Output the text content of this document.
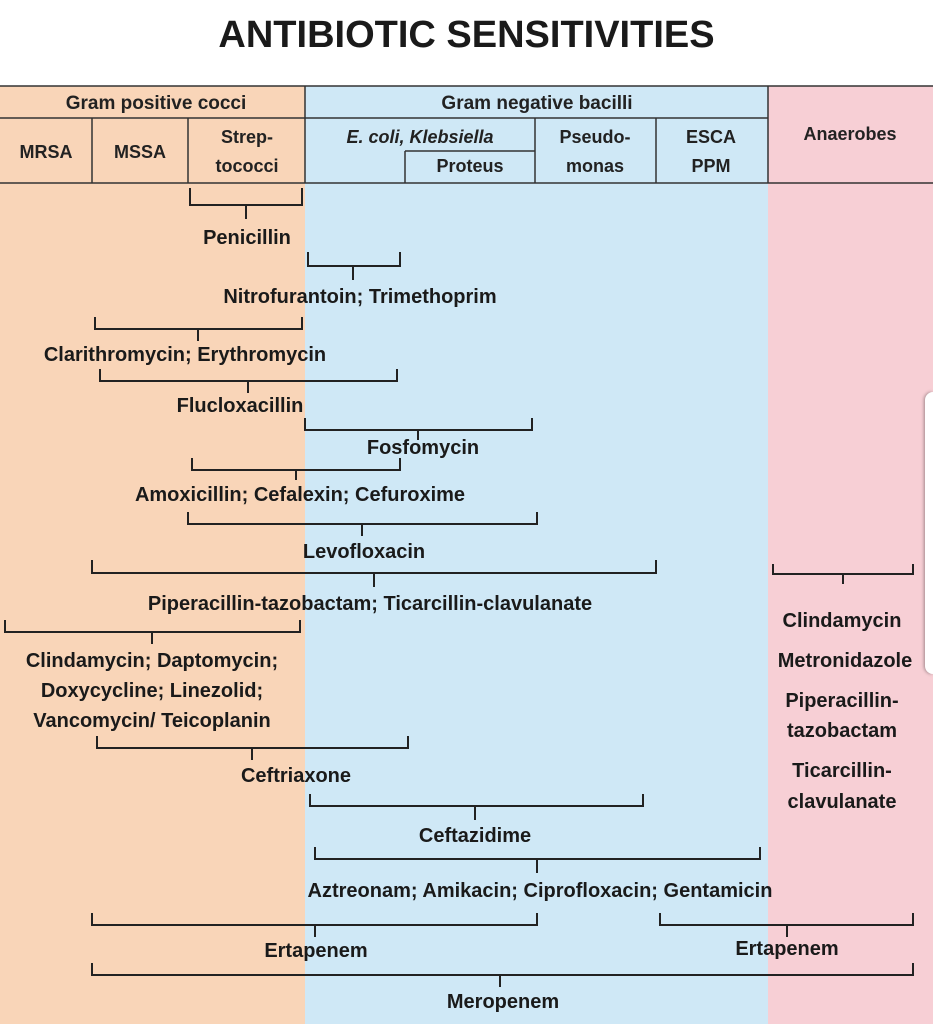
ANTIBIOTIC SENSITIVITIES
Gram positive cocci	Gram negative bacilli
MRSA MSSA
Strep-
tococci
E. coli, Klebsiella
Proteus
Pseudo-
monas
ESCA
PPM
Anaerobes
Penicillin
Nitrofurantoin; Trimethoprim
Clarithromycin; Erythromycin
Flucloxacillin
Fosfomycin
Amoxicillin; Cefalexin; Cefuroxime
Levofloxacin
Piperacillin-tazobactam; Ticarcillin-clavulanate
Clindamycin; Daptomycin;
Doxycycline; Linezolid;
Vancomycin/ Teicoplanin
Ceftriaxone
Ceftazidime
Aztreonam; Amikacin; Ciprofloxacin; Gentamicin
Ertapenem	Ertapenem
Meropenem
Clindamycin
Metronidazole
Piperacillin-
tazobactam
Ticarcillin-
clavulanate
